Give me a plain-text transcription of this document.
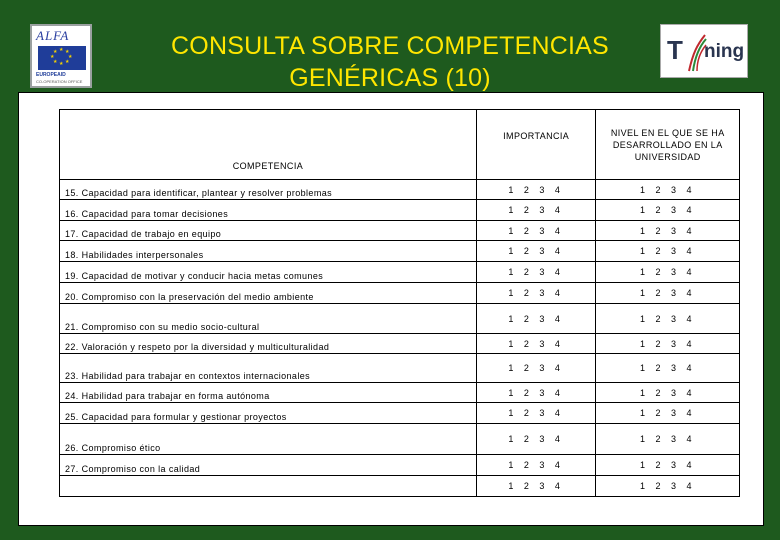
ALFA
★ ★
★
★
★
★
★
★
EUROPEAID
CO-OPERATION OFFICE
CONSULTA SOBRE COMPETENCIAS
GENÉRICAS (10)
T ning
COMPETENCIA	IMPORTANCIA	NIVEL EN EL QUE SE HA DESARROLLADO EN LA UNIVERSIDAD
15. Capacidad para identificar, plantear y resolver problemas	1 2 3 4	1 2 3 4
16. Capacidad para tomar decisiones	1 2 3 4	1 2 3 4
17. Capacidad de trabajo en equipo	1 2 3 4	1 2 3 4
18. Habilidades interpersonales	1 2 3 4	1 2 3 4
19. Capacidad de motivar y conducir hacia metas comunes	1 2 3 4	1 2 3 4
20. Compromiso con la preservación del medio ambiente	1 2 3 4	1 2 3 4
21. Compromiso con su medio socio-cultural	1 2 3 4	1 2 3 4
22. Valoración y respeto por la diversidad y multiculturalidad	1 2 3 4	1 2 3 4
23. Habilidad para trabajar en contextos internacionales	1 2 3 4	1 2 3 4
24. Habilidad para trabajar en forma autónoma	1 2 3 4	1 2 3 4
25. Capacidad para formular y gestionar proyectos	1 2 3 4	1 2 3 4
26. Compromiso ético	1 2 3 4	1 2 3 4
27. Compromiso con la calidad	1 2 3 4	1 2 3 4
	1 2 3 4	1 2 3 4
